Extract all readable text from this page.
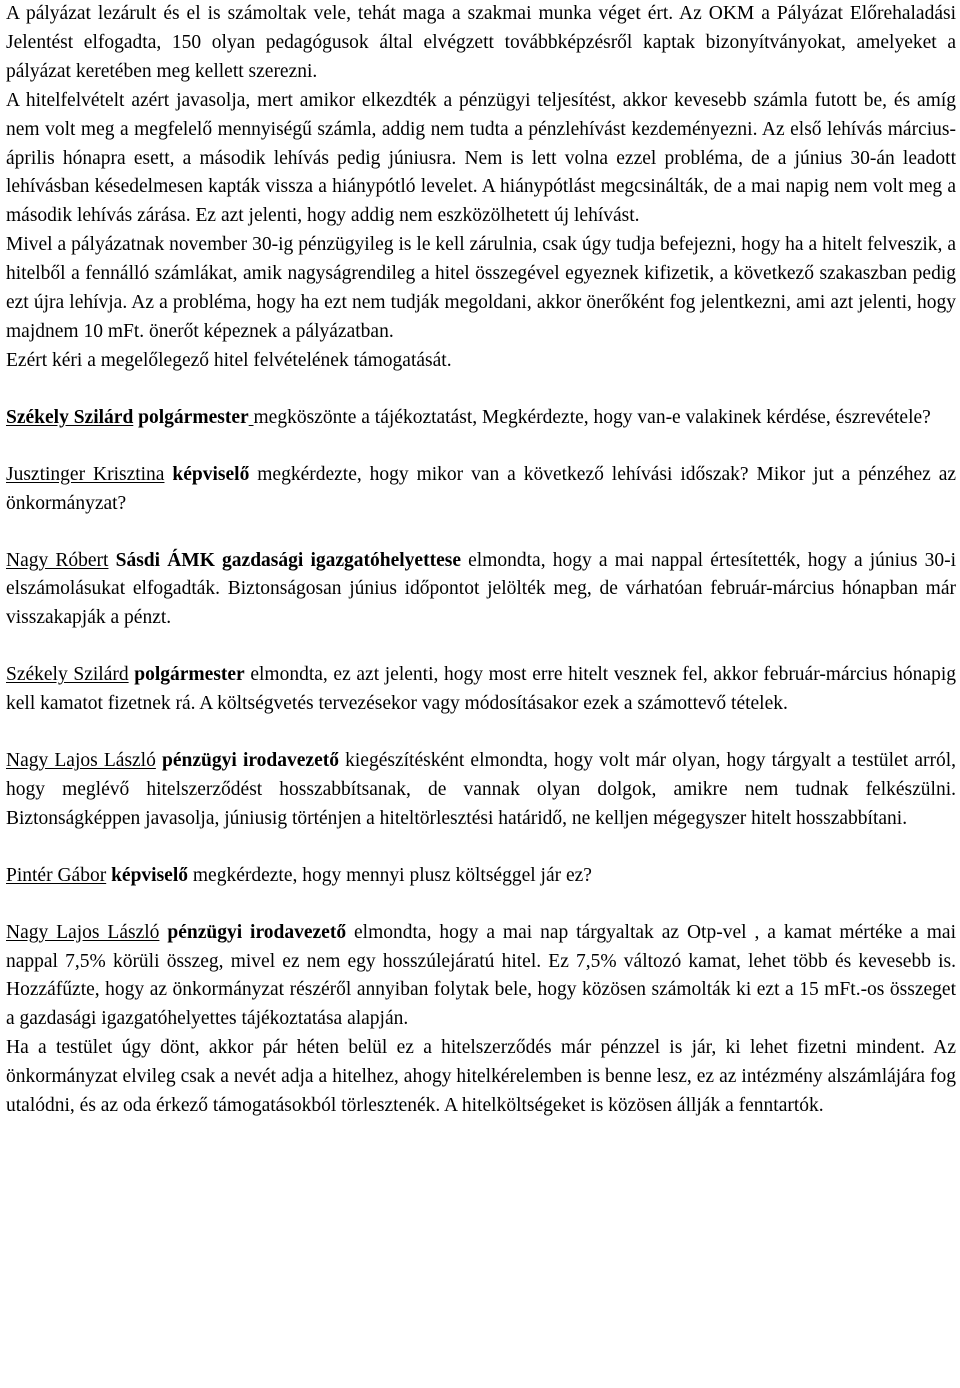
A pályázat lezárult és el is számoltak vele, tehát maga a szakmai munka véget ért. Az OKM a Pályázat Előrehaladási Jelentést elfogadta, 150 olyan pedagógusok által elvégzett továbbképzésről kaptak bizonyítványokat, amelyeket a pályázat keretében meg kellett szerezni.

A hitelfelvételt azért javasolja, mert amikor elkezdték a pénzügyi teljesítést, akkor kevesebb számla futott be, és amíg nem volt meg a megfelelő mennyiségű számla, addig nem tudta a pénzlehívást kezdeményezni. Az első lehívás március-április hónapra esett, a második lehívás pedig júniusra. Nem is lett volna ezzel probléma, de a június 30-án leadott lehívásban késedelmesen kapták vissza a hiánypótló levelet. A hiánypótlást megcsinálták, de a mai napig nem volt meg a második lehívás zárása. Ez azt jelenti, hogy addig nem eszközölhetett új lehívást.

Mivel a pályázatnak november 30-ig pénzügyileg is le kell zárulnia, csak úgy tudja befejezni, hogy ha a hitelt felveszik, a hitelből a fennálló számlákat, amik nagyságrendileg a hitel összegével egyeznek kifizetik, a következő szakaszban pedig ezt újra lehívja. Az a probléma, hogy ha ezt nem tudják megoldani, akkor önerőként fog jelentkezni, ami azt jelenti, hogy majdnem 10 mFt. önerőt képeznek a pályázatban.

Ezért kéri a megelőlegező hitel felvételének támogatását.

Székely Szilárd polgármester megköszönte a tájékoztatást, Megkérdezte, hogy van-e valakinek kérdése, észrevétele?

Jusztinger Krisztina képviselő megkérdezte, hogy mikor van a következő lehívási időszak? Mikor jut a pénzéhez az önkormányzat?

Nagy Róbert Sásdi ÁMK gazdasági igazgatóhelyettese elmondta, hogy a mai nappal értesítették, hogy a június 30-i elszámolásukat elfogadták. Biztonságosan június időpontot jelölték meg, de várhatóan február-március hónapban már visszakapják a pénzt.

Székely Szilárd polgármester elmondta, ez azt jelenti, hogy most erre hitelt vesznek fel, akkor február-március hónapig kell kamatot fizetnek rá. A költségvetés tervezésekor vagy módosításakor ezek a számottevő tételek.

Nagy Lajos László pénzügyi irodavezető kiegészítésként elmondta, hogy volt már olyan, hogy tárgyalt a testület arról, hogy meglévő hitelszerződést hosszabbítsanak, de vannak olyan dolgok, amikre nem tudnak felkészülni. Biztonságképpen javasolja, júniusig történjen a hiteltörlesztési határidő, ne kelljen mégegyszer hitelt hosszabbítani.

Pintér Gábor képviselő megkérdezte, hogy mennyi plusz költséggel jár ez?

Nagy Lajos László pénzügyi irodavezető elmondta, hogy a mai nap tárgyaltak az Otp-vel , a kamat mértéke a mai nappal 7,5% körüli összeg, mivel ez nem egy hosszúlejáratú hitel. Ez 7,5% változó kamat, lehet több és kevesebb is. Hozzáfűzte, hogy az önkormányzat részéről annyiban folytak bele, hogy közösen számolták ki ezt a 15 mFt.-os összeget a gazdasági igazgatóhelyettes tájékoztatása alapján.

Ha a testület úgy dönt, akkor pár héten belül ez a hitelszerződés már pénzzel is jár, ki lehet fizetni mindent. Az önkormányzat elvileg csak a nevét adja a hitelhez, ahogy hitelkérelemben is benne lesz, ez az intézmény alszámlájára fog utalódni, és az oda érkező támogatásokból törlesztenék. A hitelköltségeket is közösen állják a fenntartók.
